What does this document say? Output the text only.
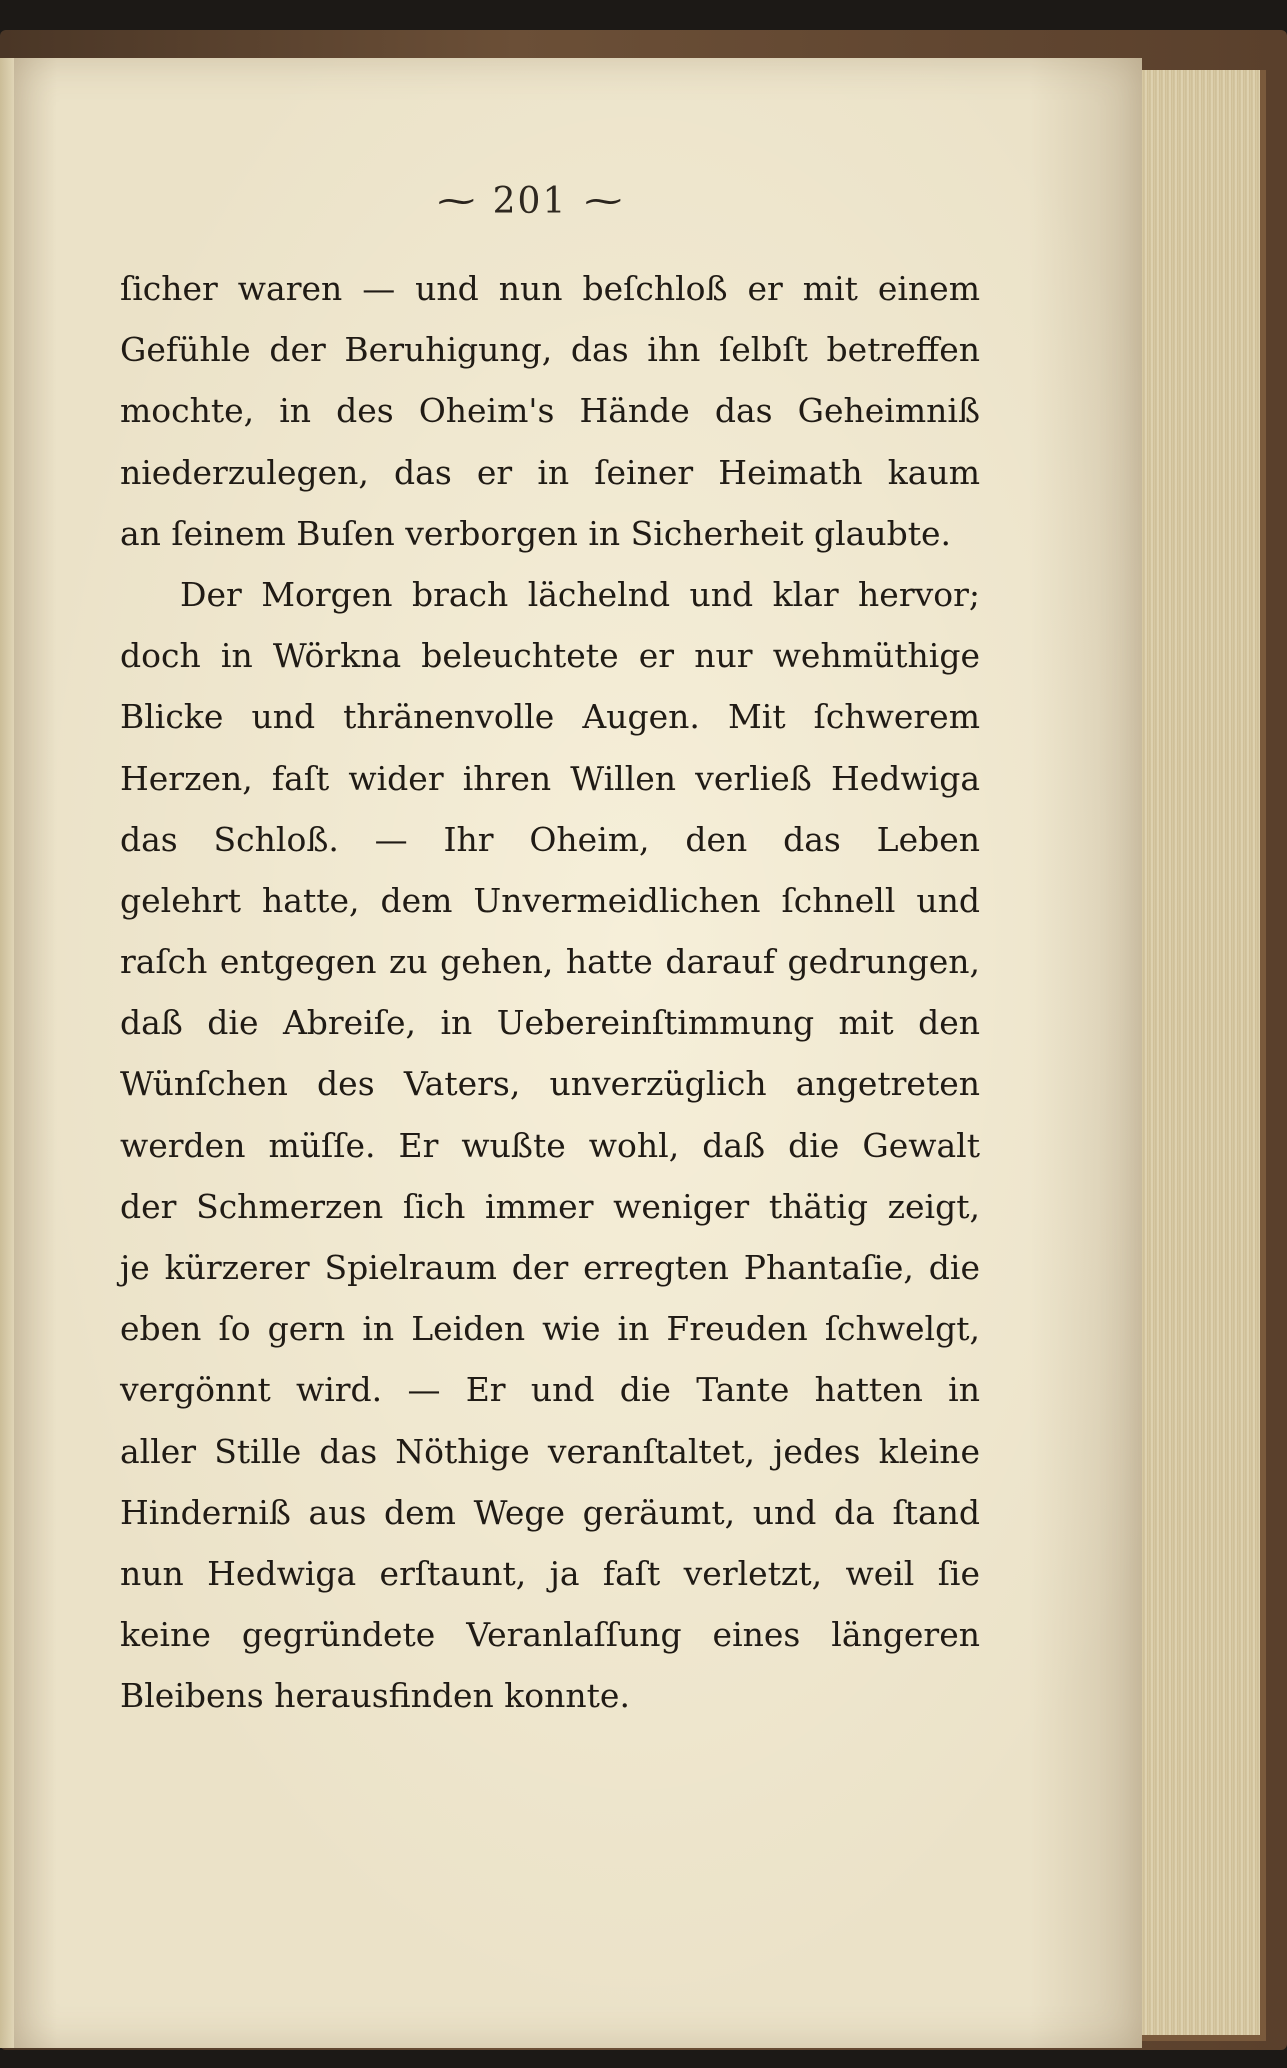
~ 201 ~
ſicher waren — und nun beſchloß er mit einem
Gefühle der Beruhigung, das ihn ſelbſt betreffen
mochte, in des Oheim's Hände das Geheimniß
niederzulegen, das er in ſeiner Heimath kaum
an ſeinem Buſen verborgen in Sicherheit glaubte.
Der Morgen brach lächelnd und klar hervor;
doch in Wörkna beleuchtete er nur wehmüthige
Blicke und thränenvolle Augen. Mit ſchwerem
Herzen, faſt wider ihren Willen verließ Hedwiga
das Schloß. — Ihr Oheim, den das Leben
gelehrt hatte, dem Unvermeidlichen ſchnell und
raſch entgegen zu gehen, hatte darauf gedrungen,
daß die Abreiſe, in Uebereinſtimmung mit den
Wünſchen des Vaters, unverzüglich angetreten
werden müſſe. Er wußte wohl, daß die Gewalt
der Schmerzen ſich immer weniger thätig zeigt,
je kürzerer Spielraum der erregten Phantaſie, die
eben ſo gern in Leiden wie in Freuden ſchwelgt,
vergönnt wird. — Er und die Tante hatten in
aller Stille das Nöthige veranſtaltet, jedes kleine
Hinderniß aus dem Wege geräumt, und da ſtand
nun Hedwiga erſtaunt, ja faſt verletzt, weil ſie
keine gegründete Veranlaſſung eines längeren
Bleibens herausfinden konnte.
